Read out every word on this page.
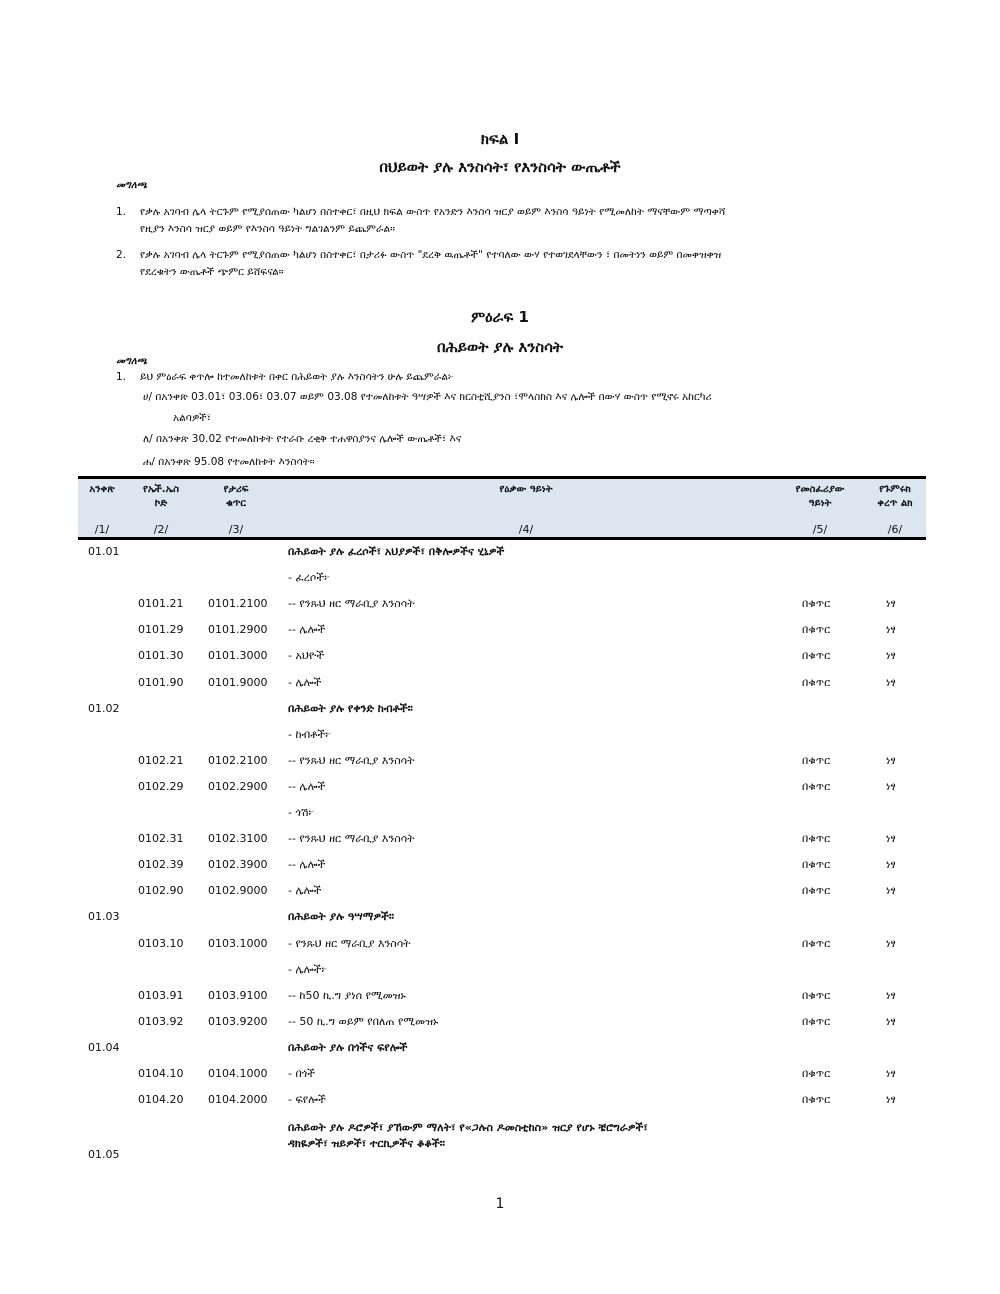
ክፍል I
በህይወት ያሉ እንስሳት፣ የእንስሳት ውጤቶች
መግለጫ
1. የቃሉ አገባብ ሌላ ትርጉም የሚያሰጠው ካልሆነ በስተቀር፣ በዚህ ክፍል ውስጥ የአንድን እንስሳ ዝርያ ወይም እንስሳ ዓይነት የሚመለከት ማናቸውም ማጣቀሻ
የዚያን እንስሳ ዝርያ ወይም የእንስሳ ዓይነት ግልገልንም ይጨምራል።
2. የቃሉ አገባብ ሌላ ትርጉም የሚያሰጠው ካልሆነ በስተቀር፣ በታሪፉ ውስጥ "ደረቅ ዉጤቶች" የተባለው ውሃ የተወገደላቸውን ፣ በመትነን ወይም በመቀዝቀዝ
የደረቁትን ውጤቶች ጭምር ይሸፍናል።
ምዕራፍ 1
በሕይወት ያሉ እንስሳት
መግለጫ
1. ይህ ምዕራፍ ቀጥሎ ከተመለከቱት በቀር በሕይወት ያሉ እንስሳትን ሁሉ ይጨምራል፦
ሀ/ በአንቀጽ 03.01፣ 03.06፣ 03.07 ወይም 03.08 የተመለከቱት ዓሣዎች እና ክርስቲሺያንስ ፣ሞላስክስ እና ሌሎች በውሃ ውስጥ የሚኖሩ አከርካሪ
አልባዎች፣
ለ/ በአንቀጽ 30.02 የተመለከቱት የተራቡ ረቂቅ ተሐዋስያንና ሌሎች ውጤቶች፣ እና
ሐ/ በአንቀጽ 95.08 የተመለከቱት እንስሳት።
አንቀጽ	የኤች.ኤስ
ኮድ
የታሪፍ
ቁጥር
የዕቃው ዓይነት	የመስፈሪያው
ዓይነት
የጉምሩክ
ቀረጥ ልክ
/1/	/2/	/3/	/4/	/5/	/6/
01.01	በሕይወት ያሉ ፈረሶች፣ አህያዎች፣ በቅሎዎችና ሂኒዎች
- ፈረሶች፦
0101.21 0101.2100 -- የንጹህ ዘር ማራቢያ እንስሳት	በቁጥር	ነፃ
0101.29 0101.2900 -- ሌሎች	በቁጥር	ነፃ
0101.30 0101.3000 - አህዮች	በቁጥር	ነፃ
0101.90 0101.9000 - ሌሎች	በቁጥር	ነፃ
01.02	በሕይወት ያሉ የቀንድ ከብቶች።
- ከብቶች፦
0102.21 0102.2100 -- የንጹህ ዘር ማራቢያ እንስሳት	በቁጥር	ነፃ
0102.29 0102.2900 -- ሌሎች	በቁጥር	ነፃ
- ጎሽ፦
0102.31 0102.3100 -- የንጹህ ዘር ማራቢያ እንስሳት	በቁጥር	ነፃ
0102.39 0102.3900 -- ሌሎች	በቁጥር	ነፃ
0102.90 0102.9000 - ሌሎች	በቁጥር	ነፃ
01.03	በሕይወት ያሉ ዓሣማዎች።
0103.10 0103.1000 - የንጹህ ዘር ማራቢያ እንስሳት	በቁጥር	ነፃ
- ሌሎች፦
0103.91 0103.9100 -- ከ50 ኪ.ግ ያነሰ የሚመዝኑ	በቁጥር	ነፃ
0103.92 0103.9200 -- 50 ኪ.ግ ወይም የበለጠ የሚመዝኑ	በቁጥር	ነፃ
01.04	በሕይወት ያሉ በጎችና ፍየሎች
0104.10 0104.1000 - በጎች	በቁጥር	ነፃ
0104.20 0104.2000 - ፍየሎች	በቁጥር	ነፃ
01.05
በሕይወት ያሉ ዶሮዎች፣ ያኸውም ማለት፣ የ«ጋሉስ ዶመስቲከስ» ዝርያ የሆኑ ቼሮግራዎች፣
ዳክዬዎች፣ ዝይዎች፣ ተርኪዎችና ቆቆች።
1
